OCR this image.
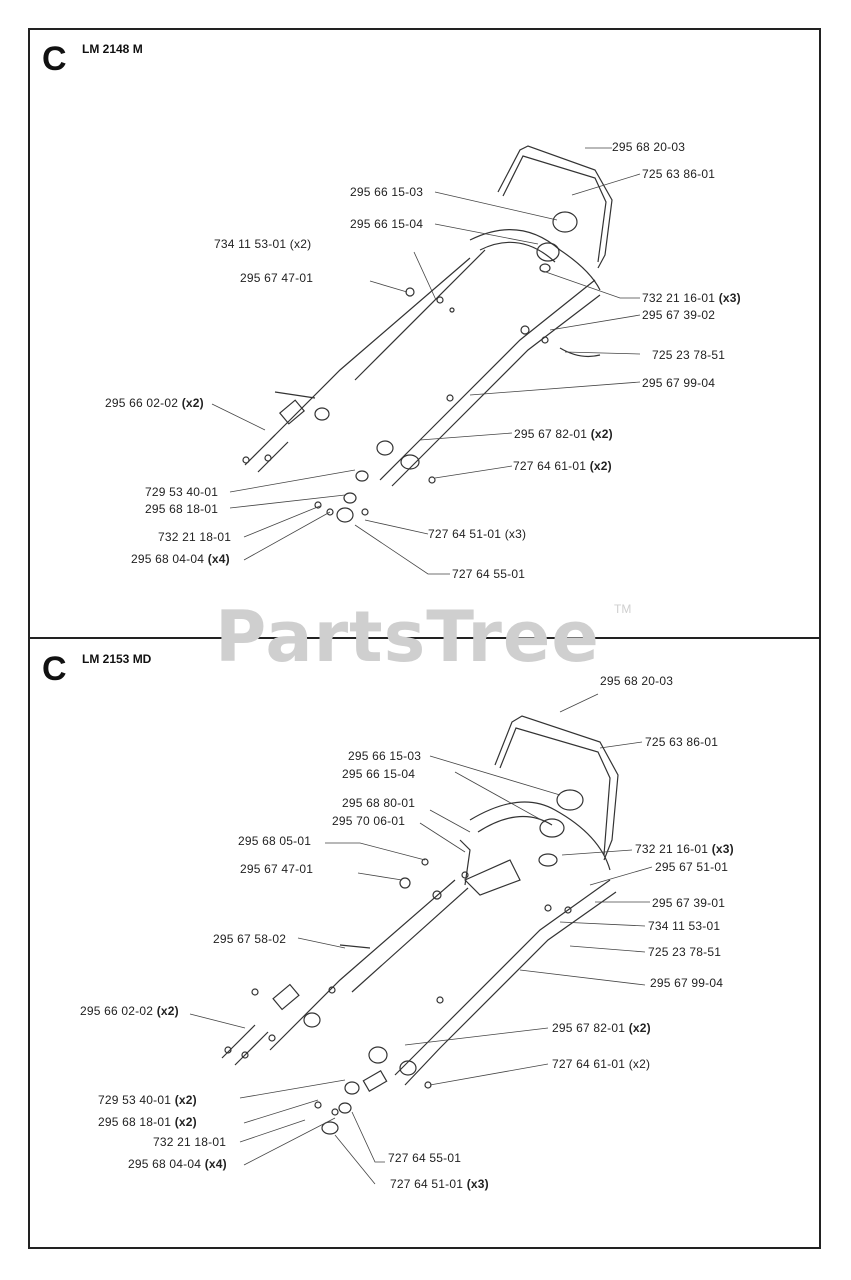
PartsTree TM
C LM 2148 M
C LM 2153 MD
295 68 20-03
725 63 86-01
295 66 15-03
295 66 15-04
734 11 53-01 (x2)
295 67 47-01
732 21 16-01 (x3)
295 67 39-02
725 23 78-51
295 67 99-04
295 66 02-02 (x2)
295 67 82-01 (x2)
727 64 61-01 (x2)
729 53 40-01
295 68 18-01
732 21 18-01	727 64 51-01 (x3)
295 68 04-04 (x4)
727 64 55-01
295 68 20-03
725 63 86-01
295 66 15-03
295 66 15-04
295 68 80-01
295 70 06-01
295 68 05-01
732 21 16-01 (x3)
295 67 51-01
295 67 47-01
295 67 39-01
734 11 53-01
295 67 58-02
725 23 78-51
295 67 99-04
295 66 02-02 (x2)
295 67 82-01 (x2)
727 64 61-01 (x2)
729 53 40-01 (x2)
295 68 18-01 (x2)
732 21 18-01
727 64 55-01
295 68 04-04 (x4)
727 64 51-01 (x3)
